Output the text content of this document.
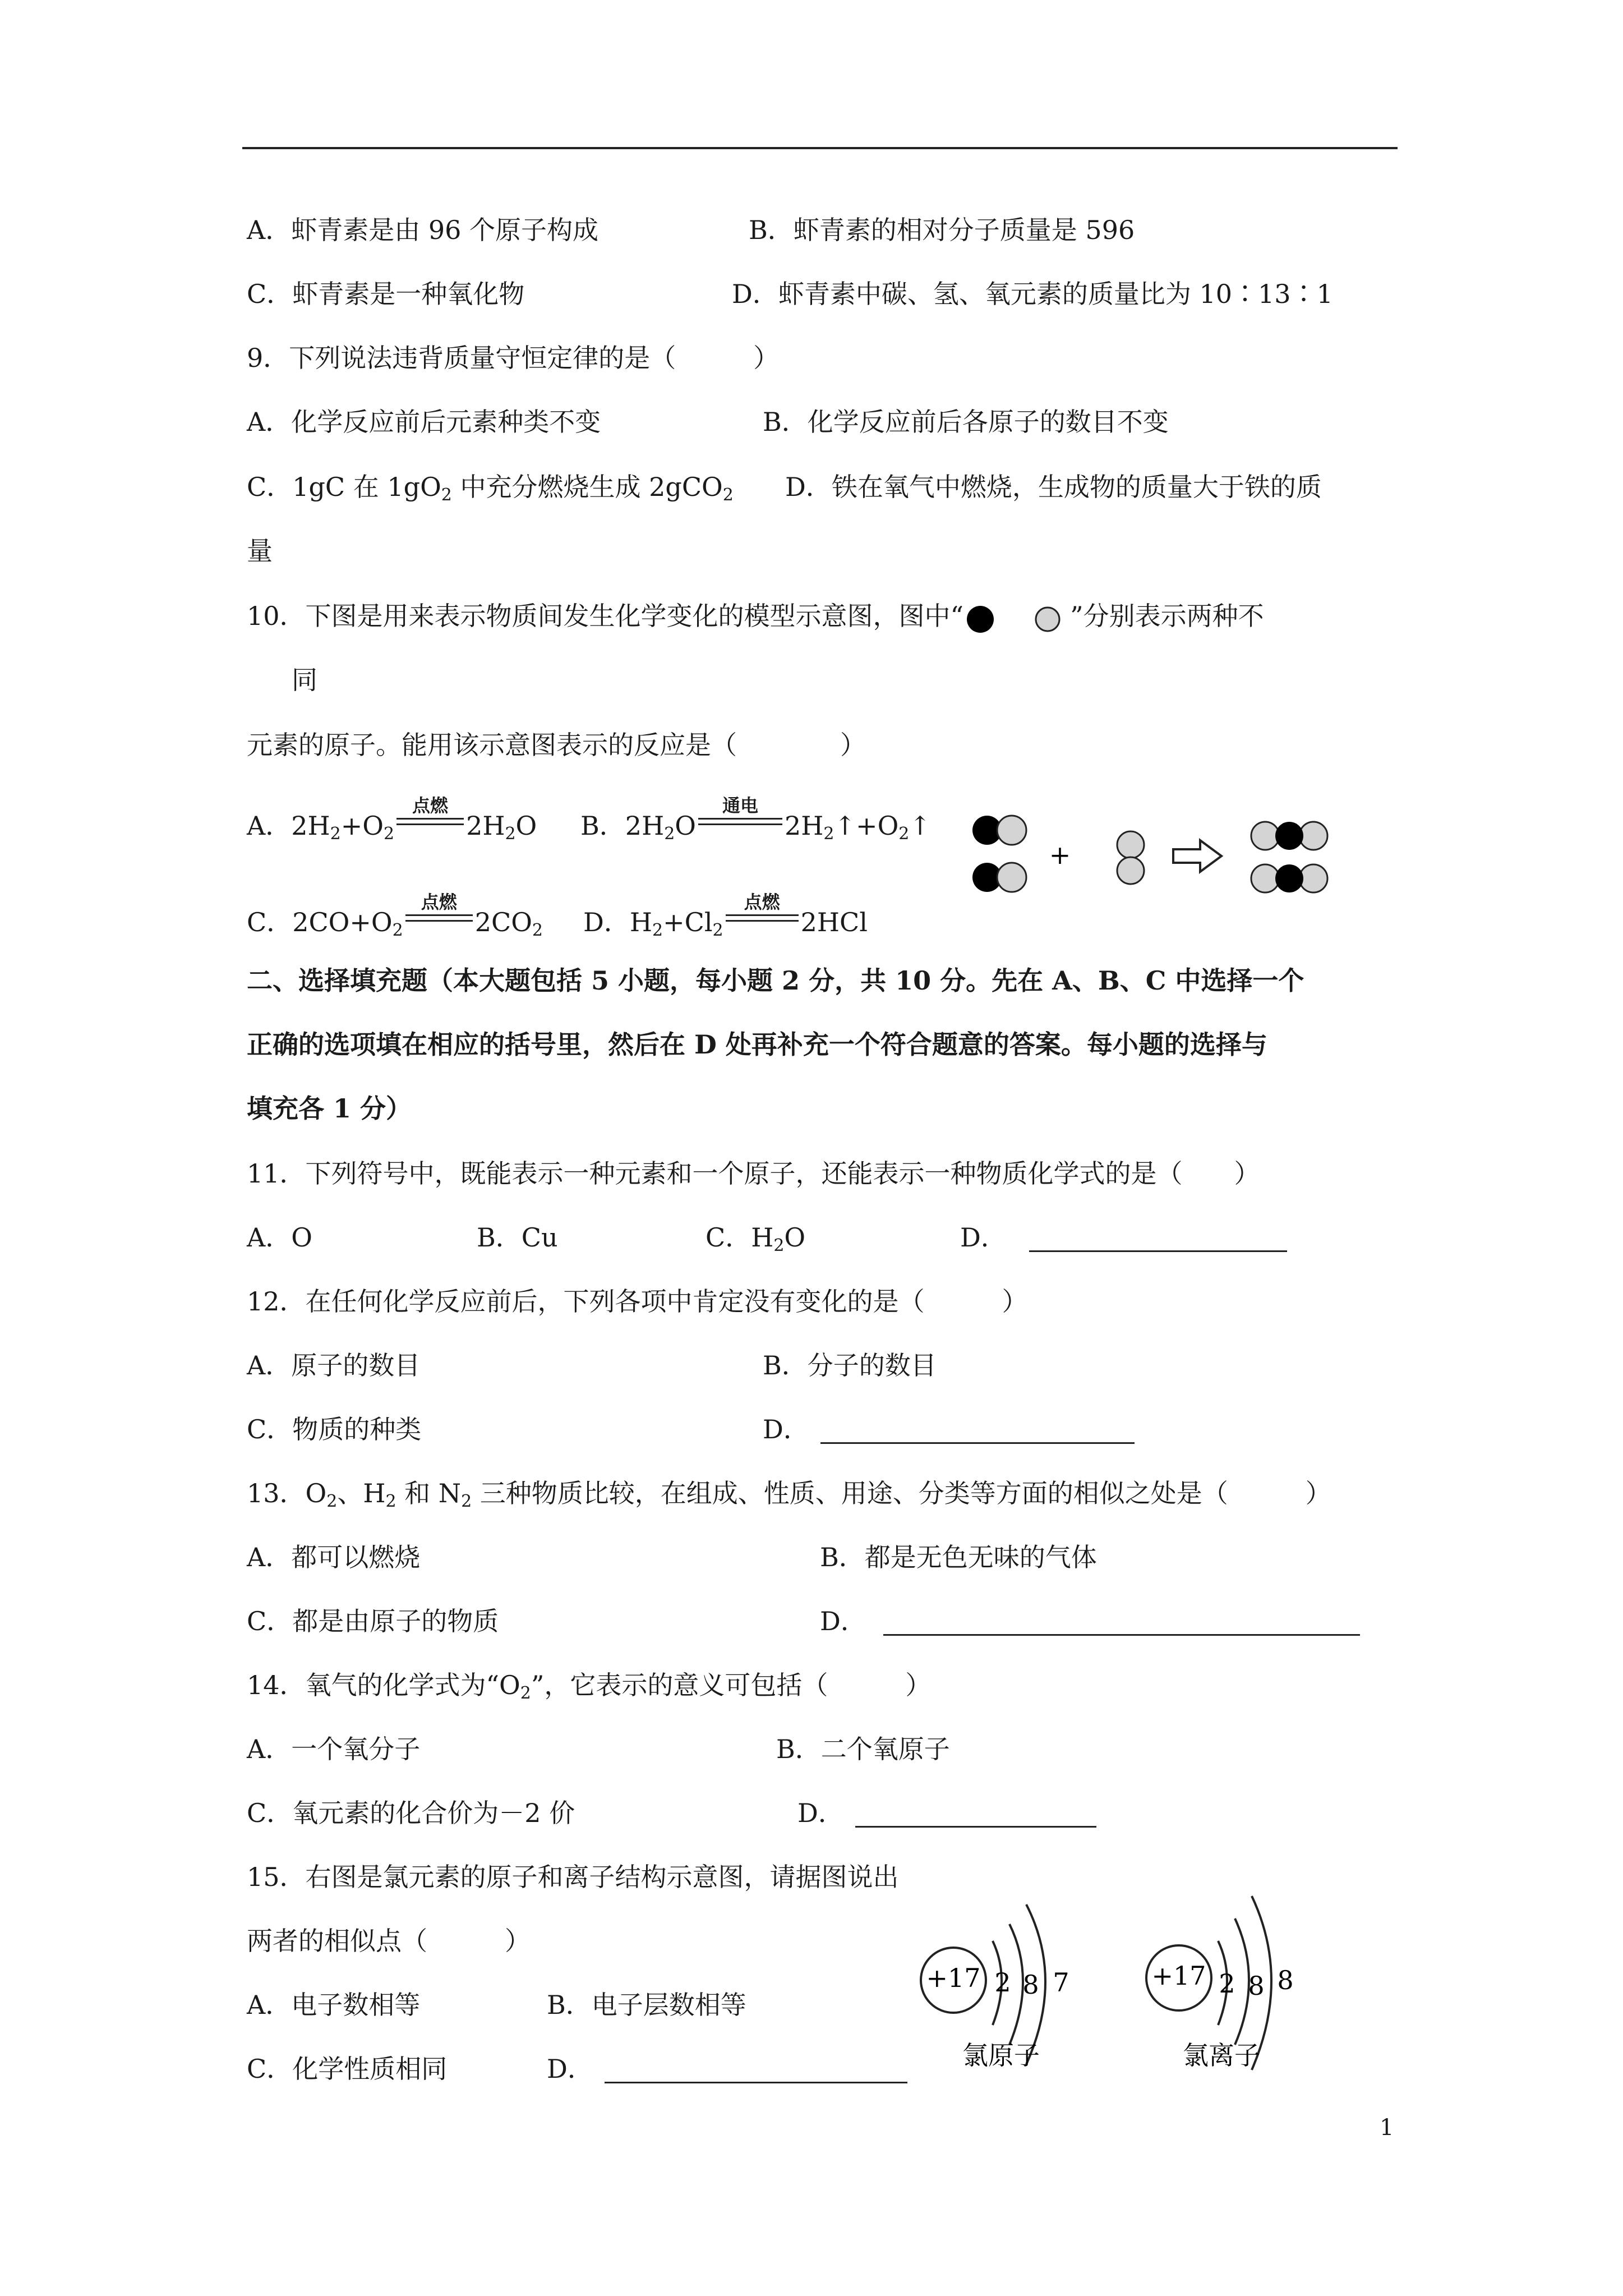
A．虾青素是由 96 个原子构成	B．虾青素的相对分子质量是 596
C．虾青素是一种氧化物	D．虾青素中碳、氢、氧元素的质量比为 10∶13∶1
9．下列说法违背质量守恒定律的是（　　　）
A．化学反应前后元素种类不变	B．化学反应前后各原子的数目不变
C．1gC 在 $1gO_2$ 中充分燃烧生成 2gCO$_2$ D．铁在氧气中燃烧，生成物的质量大于铁的质
量
10．下图是用来表示物质间发生化学变化的模型示意图，图中“	”分别表示两种不
同
元素的原子。能用该示意图表示的反应是（　　　　）
A．$2H_2+O_2$
点燃
$2H_2O$ B．$2H_2O$
通电
$2H_2↑+O_2↑$
C．$2CO+O_2$
点燃
$2CO_2$ D．$H_2+Cl_2$
点燃
2HCl
+
二、选择填充题（本大题包括 5 小题，每小题 2 分，共 10 分。先在 A、B、C 中选择一个
正确的选项填在相应的括号里，然后在 D 处再补充一个符合题意的答案。每小题的选择与
填充各 1 分）
11．下列符号中，既能表示一种元素和一个原子，还能表示一种物质化学式的是（　　）
A．O	B．Cu	C．$H_2O$	D．
12．在任何化学反应前后，下列各项中肯定没有变化的是（　　　）
A．原子的数目	B．分子的数目
C．物质的种类	D．
13．$O_2$、$H_2$ 和 $N_2$ 三种物质比较，在组成、性质、用途、分类等方面的相似之处是（　　　）
A．都可以燃烧	B．都是无色无味的气体
C．都是由原子的物质	D．
14．氧气的化学式为“$O_2$”，它表示的意义可包括（　　　）
A．一个氧分子	B．二个氧原子
C．氧元素的化合价为－2 价	D．
15．右图是氯元素的原子和离子结构示意图，请据图说出
两者的相似点（　　　）
A．电子数相等	B．电子层数相等
C．化学性质相同	D．
+17 2 8 7
氯原子
+17 2 8 8
氯离子
1
